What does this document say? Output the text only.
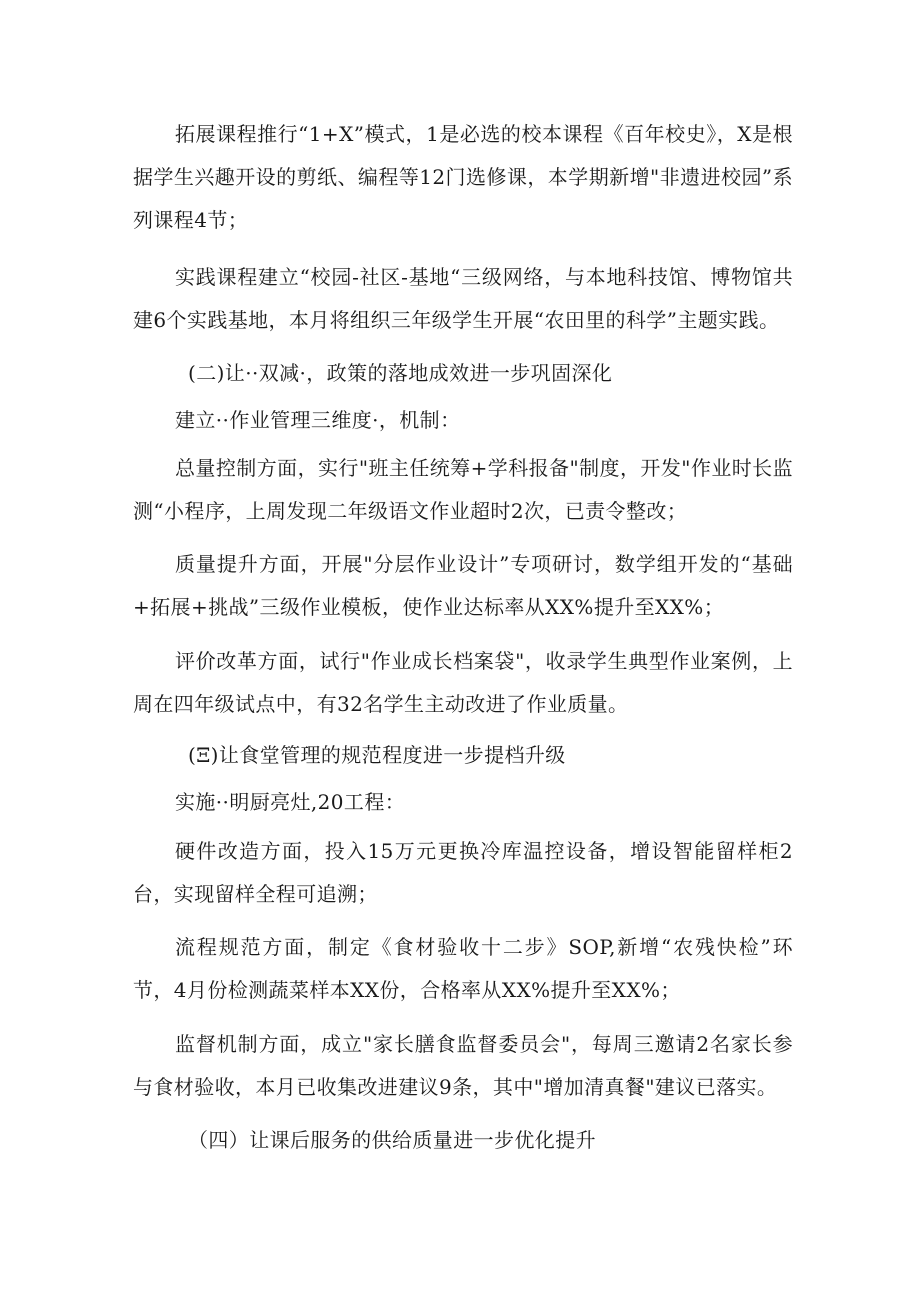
拓展课程推行“1+X”模式，1是必选的校本课程《百年校史》，X是根据学生兴趣开设的剪纸、编程等12门选修课，本学期新增"非遗进校园”系列课程4节；

实践课程建立“校园-社区-基地“三级网络，与本地科技馆、博物馆共建6个实践基地，本月将组织三年级学生开展“农田里的科学”主题实践。

(二)让··双减·，政策的落地成效进一步巩固深化

建立··作业管理三维度·，机制：

总量控制方面，实行"班主任统筹+学科报备"制度，开发"作业时长监测“小程序，上周发现二年级语文作业超时2次，已责令整改；

质量提升方面，开展"分层作业设计”专项研讨，数学组开发的“基础+拓展+挑战”三级作业模板，使作业达标率从XX%提升至XX%；

评价改革方面，试行"作业成长档案袋"，收录学生典型作业案例，上周在四年级试点中，有32名学生主动改进了作业质量。

(Ξ)让食堂管理的规范程度进一步提档升级

实施··明厨亮灶,20工程：

硬件改造方面，投入15万元更换冷库温控设备，增设智能留样柜2台，实现留样全程可追溯；

流程规范方面，制定《食材验收十二步》SOP,新增“农残快检”环节，4月份检测蔬菜样本XX份，合格率从XX%提升至XX%；

监督机制方面，成立"家长膳食监督委员会"，每周三邀请2名家长参与食材验收，本月已收集改进建议9条，其中"增加清真餐"建议已落实。

（四）让课后服务的供给质量进一步优化提升
